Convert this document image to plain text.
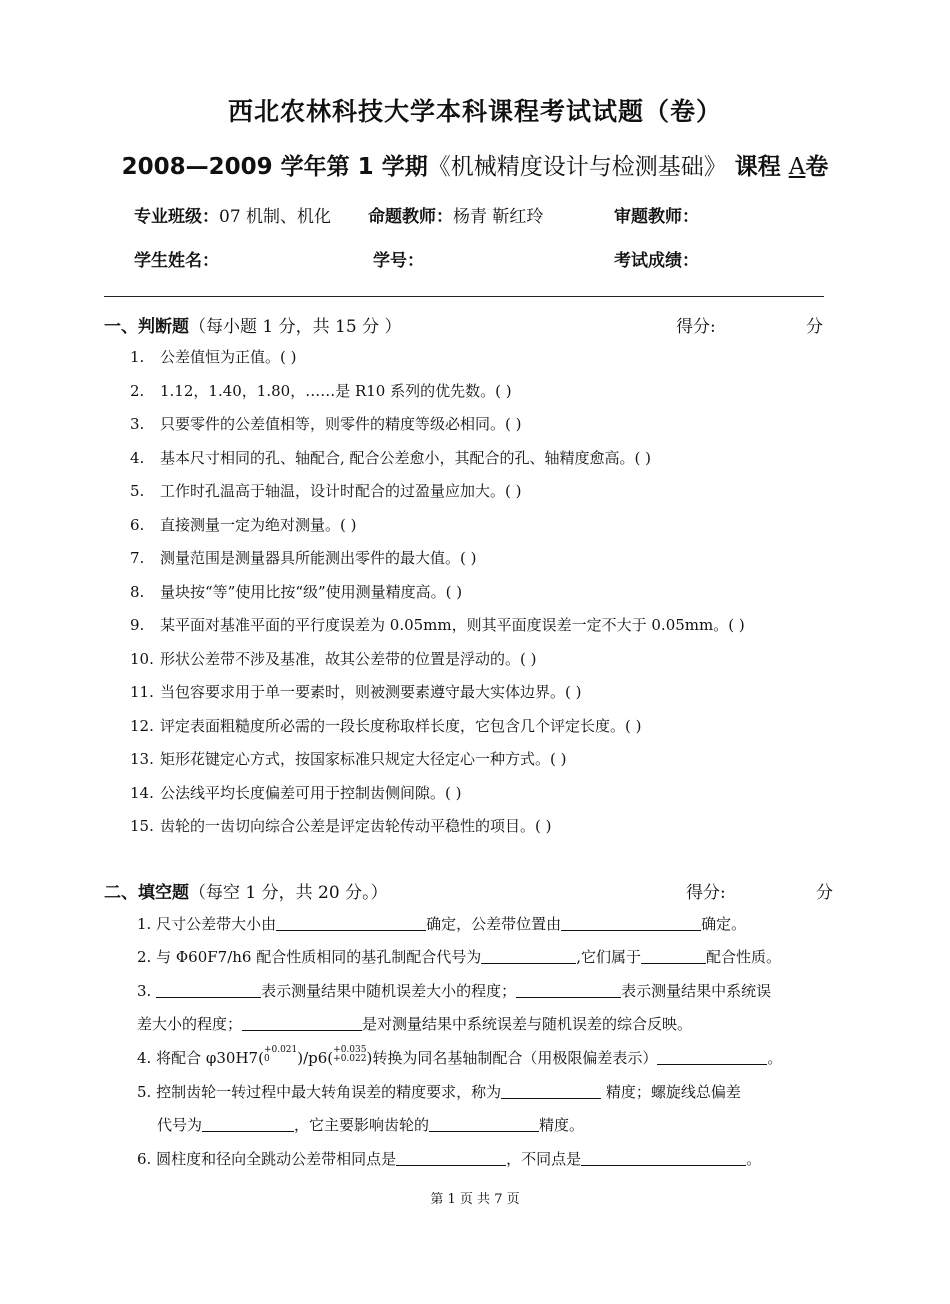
西北农林科技大学本科课程考试试题（卷）
2008—2009 学年第 1 学期《机械精度设计与检测基础》 课程 A卷
专业班级：07 机制、机化 命题教师：杨青 靳红玲	审题教师：
学生姓名：	学号：	考试成绩：
一、判断题（每小题 1 分，共 15 分 ）	得分:	分
1. 公差值恒为正值。( )
2. 1.12，1.40，1.80，……是 R10 系列的优先数。( )
3. 只要零件的公差值相等，则零件的精度等级必相同。( )
4. 基本尺寸相同的孔、轴配合, 配合公差愈小，其配合的孔、轴精度愈高。( )
5. 工作时孔温高于轴温，设计时配合的过盈量应加大。( )
6. 直接测量一定为绝对测量。( )
7. 测量范围是测量器具所能测出零件的最大值。( )
8. 量块按“等”使用比按“级”使用测量精度高。( )
9. 某平面对基准平面的平行度误差为 0.05mm，则其平面度误差一定不大于 0.05mm。( )
10. 形状公差带不涉及基准，故其公差带的位置是浮动的。( )
11. 当包容要求用于单一要素时，则被测要素遵守最大实体边界。( )
12. 评定表面粗糙度所必需的一段长度称取样长度，它包含几个评定长度。( )
13. 矩形花键定心方式，按国家标准只规定大径定心一种方式。( )
14. 公法线平均长度偏差可用于控制齿侧间隙。( )
15. 齿轮的一齿切向综合公差是评定齿轮传动平稳性的项目。( )
二、填空题（每空 1 分，共 20 分。）	得分:	分
1. 尺寸公差带大小由	确定，公差带位置由	确定。
2. 与 Φ60F7/h6 配合性质相同的基孔制配合代号为	,它们属于	配合性质。
3.	表示测量结果中随机误差大小的程度；	表示测量结果中系统误
差大小的程度；	是对测量结果中系统误差与随机误差的综合反映。
4. 将配合 φ30H7(+0.021
0 )/p6(+0.035
+0.022)转换为同名基轴制配合（用极限偏差表示）	。
5. 控制齿轮一转过程中最大转角误差的精度要求，称为	精度；螺旋线总偏差
代号为	，它主要影响齿轮的	精度。
6. 圆柱度和径向全跳动公差带相同点是	，不同点是	。
第 1 页 共 7 页
